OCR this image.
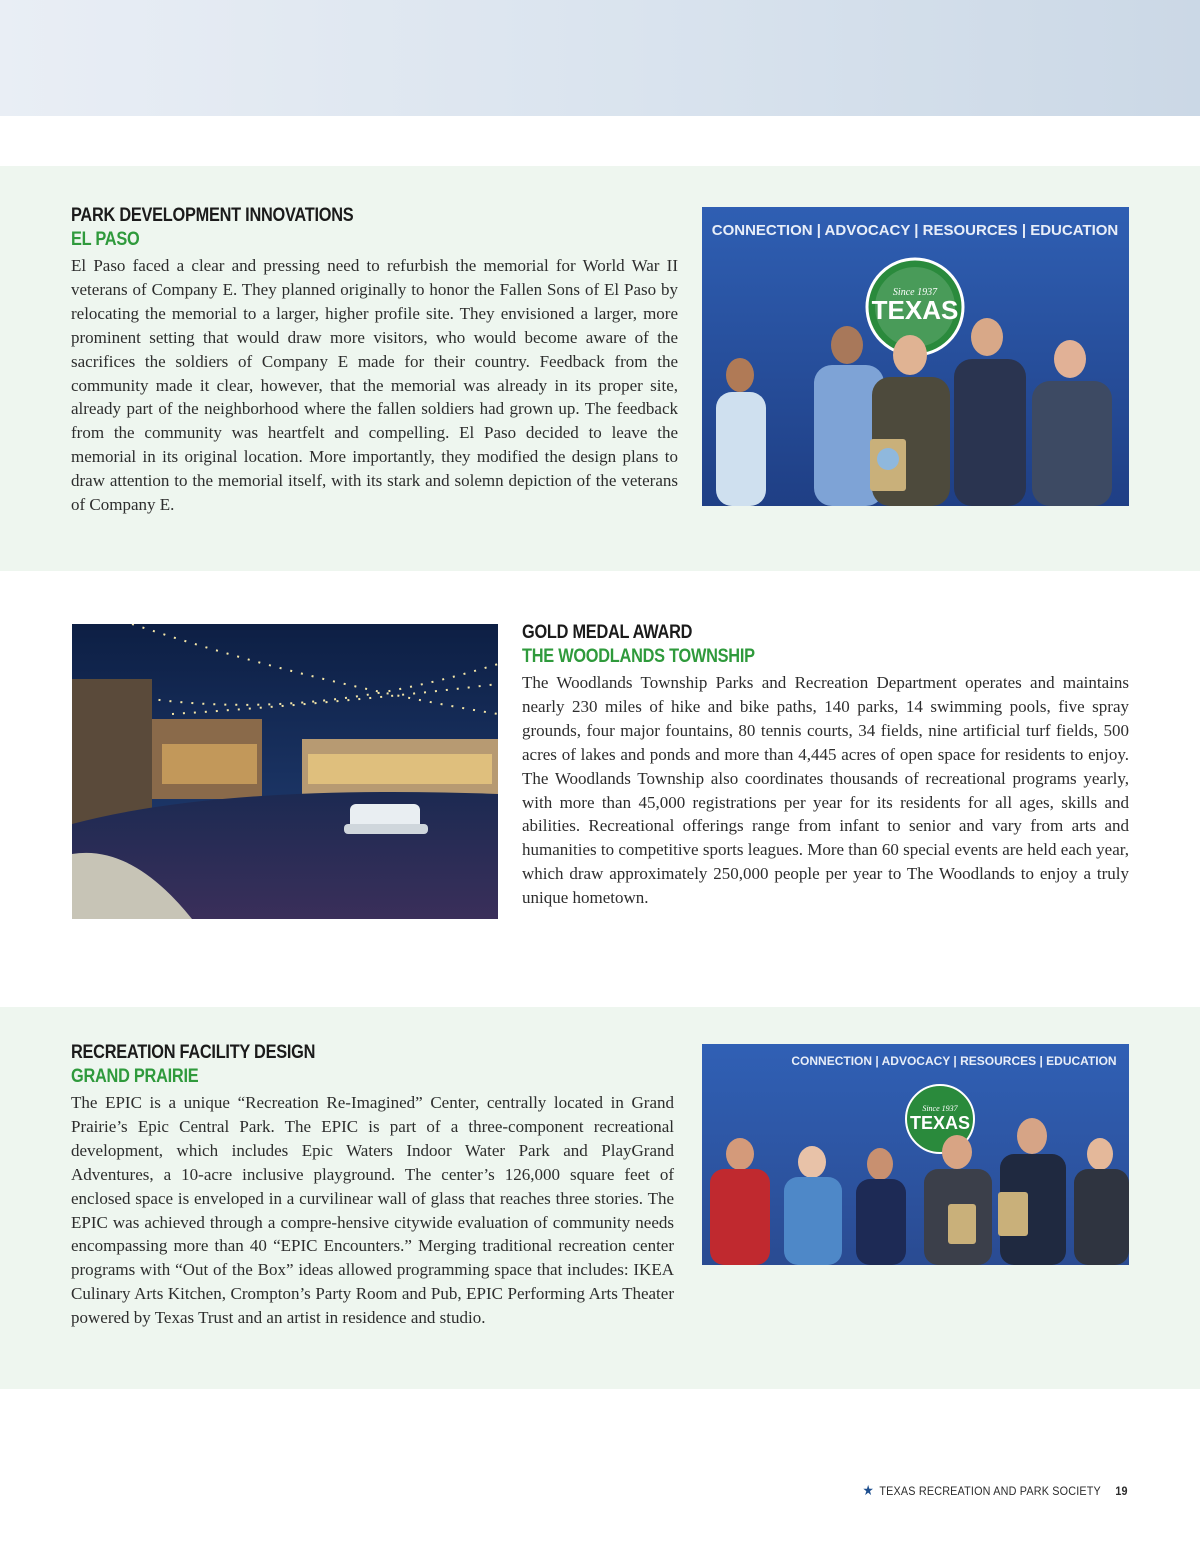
PARK DEVELOPMENT INNOVATIONS
EL PASO
El Paso faced a clear and pressing need to refurbish the memorial for World War II veterans of Company E. They planned originally to honor the Fallen Sons of El Paso by relocating the memorial to a larger, higher profile site. They envisioned a larger, more prominent setting that would draw more visitors, who would become aware of the sacrifices the soldiers of Company E made for their country. Feedback from the community made it clear, however, that the memorial was already in its proper site, already part of the neighborhood where the fallen soldiers had grown up. The feedback from the community was heartfelt and compelling. El Paso decided to leave the memorial in its original location. More importantly, they modified the design plans to draw attention to the memorial itself, with its stark and solemn depiction of the veterans of Company E.
CONNECTION | ADVOCACY | RESOURCES | EDUCATION
Since 1937
TEXAS
GOLD MEDAL AWARD
THE WOODLANDS TOWNSHIP
The Woodlands Township Parks and Recreation Department operates and maintains nearly 230 miles of hike and bike paths, 140 parks, 14 swimming pools, five spray grounds, four major fountains, 80 tennis courts, 34 fields, nine artificial turf fields, 500 acres of lakes and ponds and more than 4,445 acres of open space for residents to enjoy. The Woodlands Township also coordinates thousands of recreational programs yearly, with more than 45,000 registrations per year for its residents for all ages, skills and abilities. Recreational offerings range from infant to senior and vary from arts and humanities to competitive sports leagues. More than 60 special events are held each year, which draw approximately 250,000 people per year to The Woodlands to enjoy a truly unique hometown.
RECREATION FACILITY DESIGN
GRAND PRAIRIE
The EPIC is a unique “Recreation Re-Imagined” Center, centrally located in Grand Prairie’s Epic Central Park. The EPIC is part of a three-component recreational development, which includes Epic Waters Indoor Water Park and PlayGrand Adventures, a 10-acre inclusive playground. The center’s 126,000 square feet of enclosed space is enveloped in a curvilinear wall of glass that reaches three stories. The EPIC was achieved through a compre-hensive citywide evaluation of community needs encompassing more than 40 “EPIC Encounters.” Merging traditional recreation center programs with “Out of the Box” ideas allowed programming space that includes: IKEA Culinary Arts Kitchen, Crompton’s Party Room and Pub, EPIC Performing Arts Theater powered by Texas Trust and an artist in residence and studio.
CONNECTION | ADVOCACY | RESOURCES | EDUCATION
Since 1937
TEXAS
★ TEXAS RECREATION AND PARK SOCIETY 19
